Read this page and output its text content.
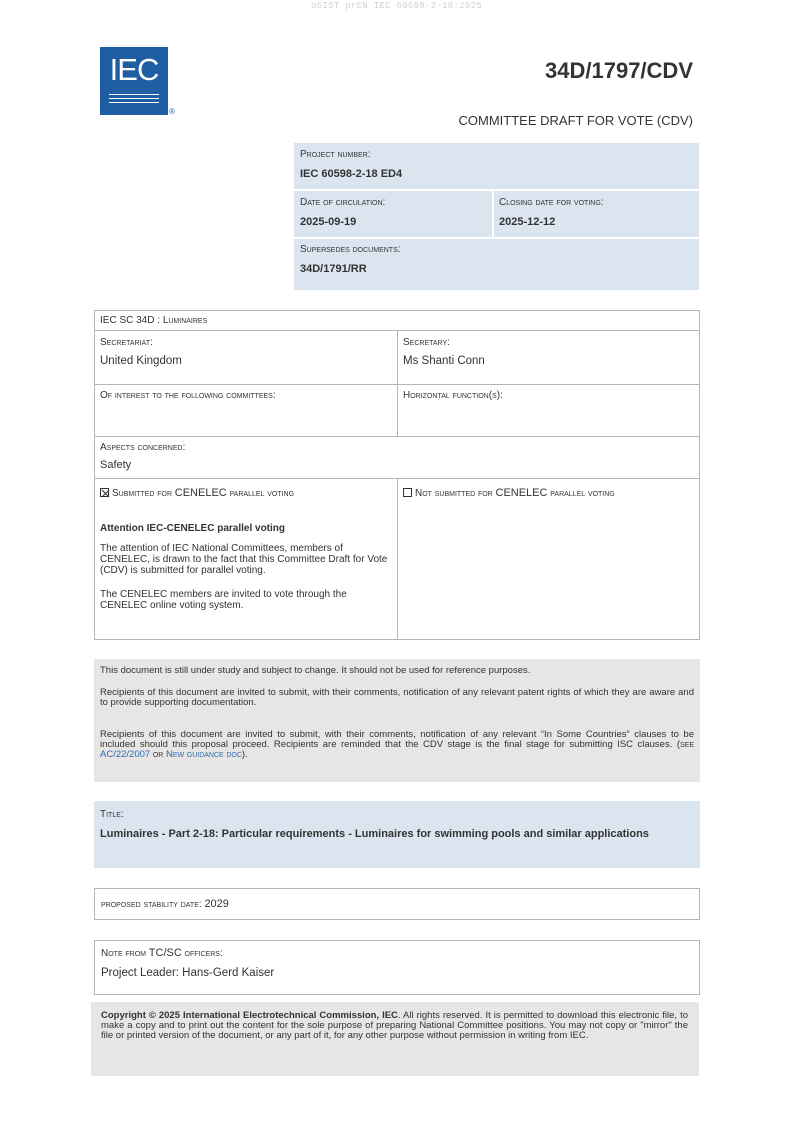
oSIST prEN IEC 60598-2-18:2025
IEC
®
34D/1797/CDV
COMMITTEE DRAFT FOR VOTE (CDV)
Project number:
IEC 60598-2-18 ED4
Date of circulation:
2025-09-19
Closing date for voting:
2025-12-12
Supersedes documents:
34D/1791/RR
IEC SC 34D : Luminaires
Secretariat:
United Kingdom
Secretary:
Ms Shanti Conn
Of interest to the following committees:	Horizontal function(s):
Aspects concerned:
Safety
Submitted for CENELEC parallel voting	Not submitted for CENELEC parallel voting
Attention IEC-CENELEC parallel voting
The attention of IEC National Committees, members of CENELEC, is drawn to the fact that this Committee Draft for Vote (CDV) is submitted for parallel voting.
The CENELEC members are invited to vote through the CENELEC online voting system.
This document is still under study and subject to change. It should not be used for reference purposes.
Recipients of this document are invited to submit, with their comments, notification of any relevant patent rights of which they are aware and to provide supporting documentation.
Recipients of this document are invited to submit, with their comments, notification of any relevant “In Some Countries” clauses to be included should this proposal proceed. Recipients are reminded that the CDV stage is the final stage for submitting ISC clauses. (see AC/22/2007 or New guidance doc).
Title:
Luminaires - Part 2-18: Particular requirements - Luminaires for swimming pools and similar applications
proposed stability date: 2029
Note from TC/SC officers:
Project Leader: Hans-Gerd Kaiser
Copyright © 2025 International Electrotechnical Commission, IEC. All rights reserved. It is permitted to download this electronic file, to make a copy and to print out the content for the sole purpose of preparing National Committee positions. You may not copy or "mirror" the file or printed version of the document, or any part of it, for any other purpose without permission in writing from IEC.
